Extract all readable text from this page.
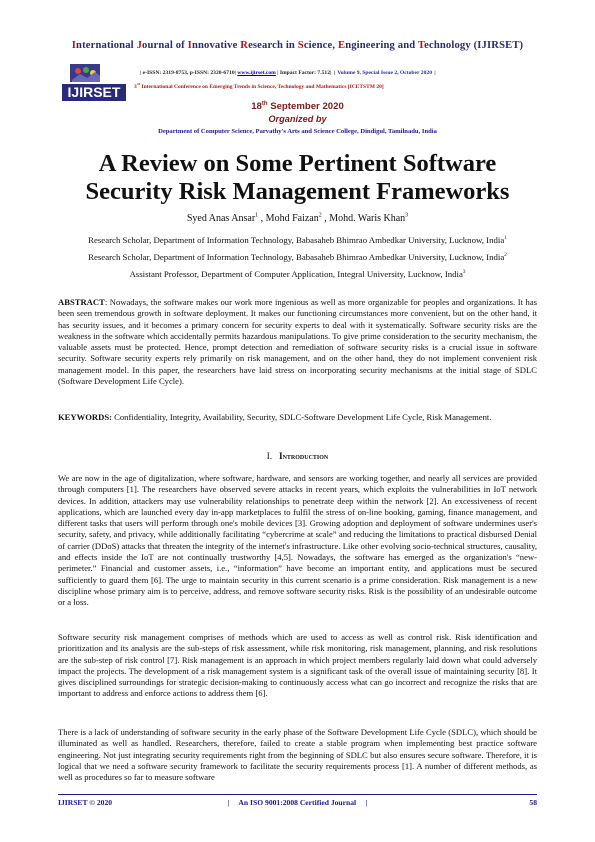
International Journal of Innovative Research in Science, Engineering and Technology (IJIRSET)
IJIRSET
| e-ISSN: 2319-8753, p-ISSN: 2320-6710| www.ijirset.com | Impact Factor: 7.512| | Volume 9, Special Issue 2, October 2020 |
3rd International Conference on Emerging Trends in Science, Technology and Mathematics [ICETSTM 20]
18th September 2020
Organized by
Department of Computer Science, Parvathy's Arts and Science College, Dindigul, Tamilnadu, India
A Review on Some Pertinent Software
Security Risk Management Frameworks
Syed Anas Ansar$^1$ , Mohd Faizan$^2$ , Mohd. Waris Khan$^3$
Research Scholar, Department of Information Technology, Babasaheb Bhimrao Ambedkar University, Lucknow, India$^1$
Research Scholar, Department of Information Technology, Babasaheb Bhimrao Ambedkar University, Lucknow, India$^2$
Assistant Professor, Department of Computer Application, Integral University, Lucknow, India$^3$
ABSTRACT: Nowadays, the software makes our work more ingenious as well as more organizable for peoples and organizations. It has been seen tremendous growth in software deployment. It makes our functioning circumstances more convenient, but on the other hand, it has security issues, and it becomes a primary concern for security experts to deal with it systematically. Software security risks are the weakness in the software which accidentally permits hazardous manipulations. To give prime consideration to the security mechanism, the valuable assets must be protected. Hence, prompt detection and remediation of software security risks is a crucial issue in software security. Software security experts rely primarily on risk management, and on the other hand, they do not implement convenient risk management model. In this paper, the researchers have laid stress on incorporating security mechanisms at the initial stage of SDLC (Software Development Life Cycle).
KEYWORDS: Confidentiality, Integrity, Availability, Security, SDLC-Software Development Life Cycle, Risk Management.
I. Introduction
We are now in the age of digitalization, where software, hardware, and sensors are working together, and nearly all services are provided through computers [1]. The researchers have observed severe attacks in recent years, which exploits the vulnerabilities in IoT network devices. In addition, attackers may use vulnerability relationships to penetrate deep within the network [2]. An excessiveness of recent applications, which are launched every day in-app marketplaces to fulfil the stress of on-line booking, gaming, finance management, and different tasks that users will perform through one's mobile devices [3]. Growing adoption and deployment of software undermines user's security, safety, and privacy, while additionally facilitating “cybercrime at scale” and reducing the limitations to practical disbursed Denial of carrier (DDoS) attacks that threaten the integrity of the internet's infrastructure. Like other evolving socio-technical structures, causality, and effects inside the IoT are not continually trustworthy [4,5]. Nowadays, the software has emerged as the organization's “new-perimeter.” Financial and customer assets, i.e., “information” have become an important entity, and applications must be secured sufficiently to guard them [6]. The urge to maintain security in this current scenario is a prime consideration. Risk management is a new discipline whose primary aim is to perceive, address, and remove software security risks. Risk is the possibility of an undesirable outcome or a loss.
Software security risk management comprises of methods which are used to access as well as control risk. Risk identification and prioritization and its analysis are the sub-steps of risk assessment, while risk monitoring, risk management, planning, and risk resolutions are the sub-step of risk control [7]. Risk management is an approach in which project members regularly laid down what could adversely impact the projects. The development of a risk management system is a significant task of the overall issue of maintaining security [8]. It gives disciplined surroundings for strategic decision-making to continuously access what can go incorrect and recognize the risks that are important to address and enforce actions to address them [6].
There is a lack of understanding of software security in the early phase of the Software Development Life Cycle (SDLC), which should be illuminated as well as handled. Researchers, therefore, failed to create a stable program when implementing best practice software engineering. Not just integrating security requirements right from the beginning of SDLC but also ensures secure software. Therefore, it is logical that we need a software security framework to facilitate the security requirements process [1]. A number of different methods, as well as procedures so far to measure software
IJIRSET © 2020	|     An ISO 9001:2008 Certified Journal     |	58
